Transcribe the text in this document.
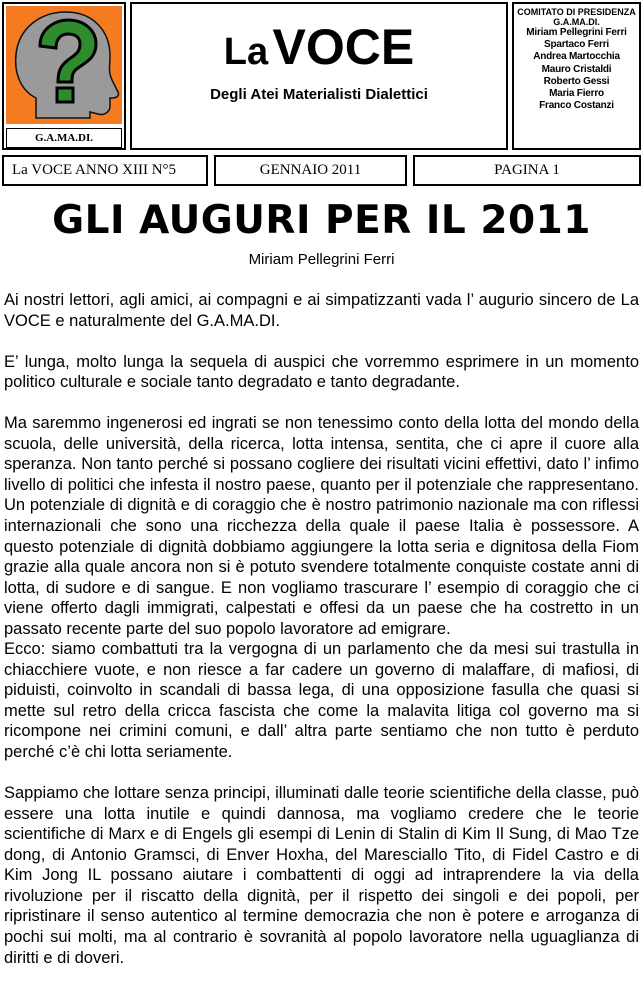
G.A.MA.DI.
La VOCE
Degli Atei Materialisti Dialettici
COMITATO DI PRESIDENZA G.A.MA.DI.
Miriam Pellegrini Ferri
Spartaco Ferri
Andrea Martocchia
Mauro Cristaldi
Roberto Gessi
Maria Fierro
Franco Costanzi
La VOCE ANNO XIII N°5	GENNAIO 2011	PAGINA 1
GLI AUGURI PER IL 2011
Miriam Pellegrini Ferri

Ai nostri lettori, agli amici, ai compagni e ai simpatizzanti vada l’ augurio sincero de La VOCE e naturalmente del G.A.MA.DI.

E’ lunga, molto lunga la sequela di auspici che vorremmo esprimere in un momento politico culturale e sociale tanto degradato e tanto degradante.

Ma saremmo ingenerosi ed ingrati se non tenessimo conto della lotta del mondo della scuola, delle università, della ricerca, lotta intensa, sentita, che ci apre il cuore alla speranza. Non tanto perché si possano cogliere dei risultati vicini effettivi, dato l’ infimo livello di politici che infesta il nostro paese, quanto per il potenziale che rappresentano. Un potenziale di dignità e di coraggio che è nostro patrimonio nazionale ma con riflessi internazionali che sono una ricchezza della quale il paese Italia è possessore. A questo potenziale di dignità dobbiamo aggiungere la lotta seria e dignitosa della Fiom grazie alla quale ancora non si è potuto svendere totalmente conquiste costate anni di lotta, di sudore e di sangue. E non vogliamo trascurare l’ esempio di coraggio che ci viene offerto dagli immigrati, calpestati e offesi da un paese che ha costretto in un passato recente parte del suo popolo lavoratore ad emigrare.
Ecco: siamo combattuti tra la vergogna di un parlamento che da mesi sui trastulla in chiacchiere vuote, e non riesce a far cadere un governo di malaffare, di mafiosi, di piduisti, coinvolto in scandali di bassa lega, di una opposizione fasulla che quasi si mette sul retro della cricca fascista che come la malavita litiga col governo ma si ricompone nei crimini comuni, e dall’ altra parte sentiamo che non tutto è perduto perché c’è chi lotta seriamente.

Sappiamo che lottare senza principi, illuminati dalle teorie scientifiche della classe, può essere una lotta inutile e quindi dannosa, ma vogliamo credere che le teorie scientifiche di Marx e di Engels gli esempi di Lenin di Stalin di Kim Il Sung, di Mao Tze dong, di Antonio Gramsci, di Enver Hoxha, del Maresciallo Tito, di Fidel Castro e di Kim Jong IL possano aiutare i combattenti di oggi ad intraprendere la via della rivoluzione per il riscatto della dignità, per il rispetto dei singoli e dei popoli, per ripristinare il senso autentico al termine democrazia che non è potere e arroganza di pochi sui molti, ma al contrario è sovranità al popolo lavoratore nella uguaglianza di diritti e di doveri.
